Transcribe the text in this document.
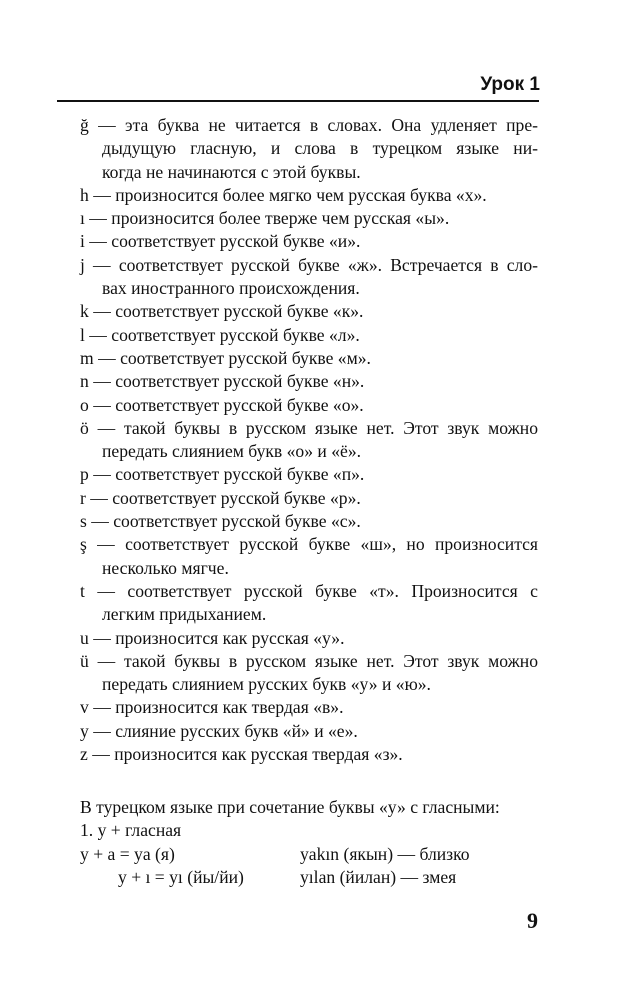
Урок 1
ğ — эта буква не читается в словах. Она удленяет пре-
дыдущую гласную, и слова в турецком языке ни-
когда не начинаются с этой буквы.
h — произносится более мягко чем русская буква «х».
ı — произносится более тверже чем русская «ы».
i — соответствует русской букве «и».
j — соответствует русской букве «ж». Встречается в сло-
вах иностранного происхождения.
k — соответствует русской букве «к».
l — соответствует русской букве «л».
m — соответствует русской букве «м».
n — соответствует русской букве «н».
o — соответствует русской букве «о».
ö — такой буквы в русском языке нет. Этот звук можно
передать слиянием букв «о» и «ё».
p — соответствует русской букве «п».
r — соответствует русской букве «р».
s — соответствует русской букве «с».
ş — соответствует русской букве «ш», но произносится
несколько мягче.
t — соответствует русской букве «т». Произносится с
легким придыханием.
u — произносится как русская «у».
ü — такой буквы в русском языке нет. Этот звук можно
передать слиянием русских букв «у» и «ю».
v — произносится как твердая «в».
y — слияние русских букв «й» и «е».
z — произносится как русская твердая «з».
В турецком языке при сочетание буквы «у» с гласными:
1. y + гласная
y + a = ya (я)	yakın (якын) — близко
y + ı = yı (йы/йи)	yılan (йилан) — змея
9
